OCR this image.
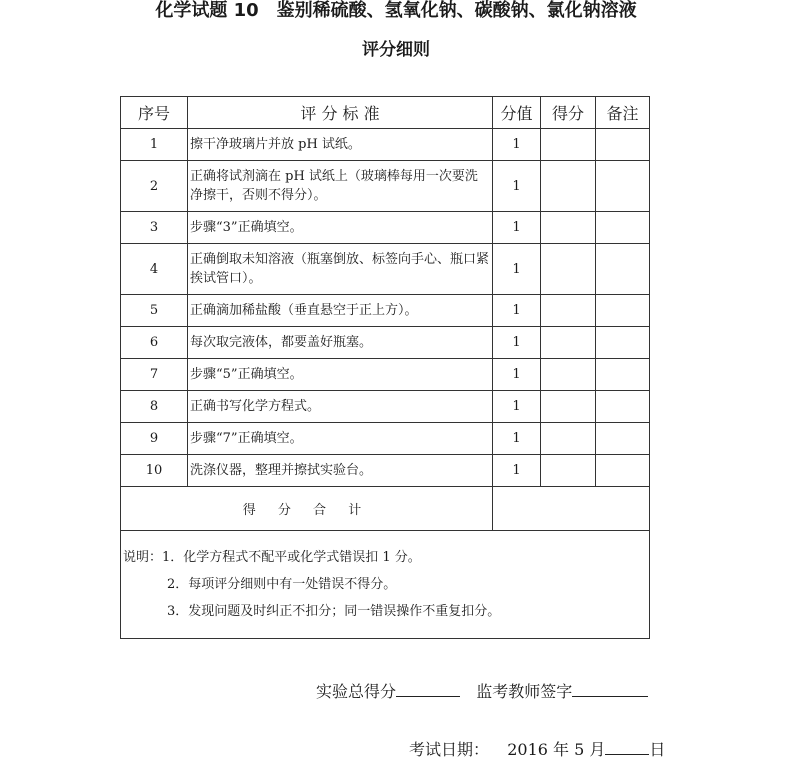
化学试题 10　鉴别稀硫酸、氢氧化钠、碳酸钠、氯化钠溶液
评分细则
序号	评 分 标 准	分值	得分	备注
1	擦干净玻璃片并放 pH 试纸。	1		
2	正确将试剂滴在 pH 试纸上（玻璃棒每用一次要洗净擦干，否则不得分）。	1		
3	步骤“3”正确填空。	1		
4	正确倒取未知溶液（瓶塞倒放、标签向手心、瓶口紧挨试管口）。	1		
5	正确滴加稀盐酸（垂直悬空于正上方）。	1		
6	每次取完液体，都要盖好瓶塞。	1		
7	步骤“5”正确填空。	1		
8	正确书写化学方程式。	1		
9	步骤“7”正确填空。	1		
10	洗涤仪器，整理并擦拭实验台。	1		
得 分 合 计				

说明：1．化学方程式不配平或化学式错误扣 1 分。
2．每项评分细则中有一处错误不得分。
3．发现问题及时纠正不扣分；同一错误操作不重复扣分。				
实验总得分	监考教师签字
考试日期： 2016 年 5 月	日
